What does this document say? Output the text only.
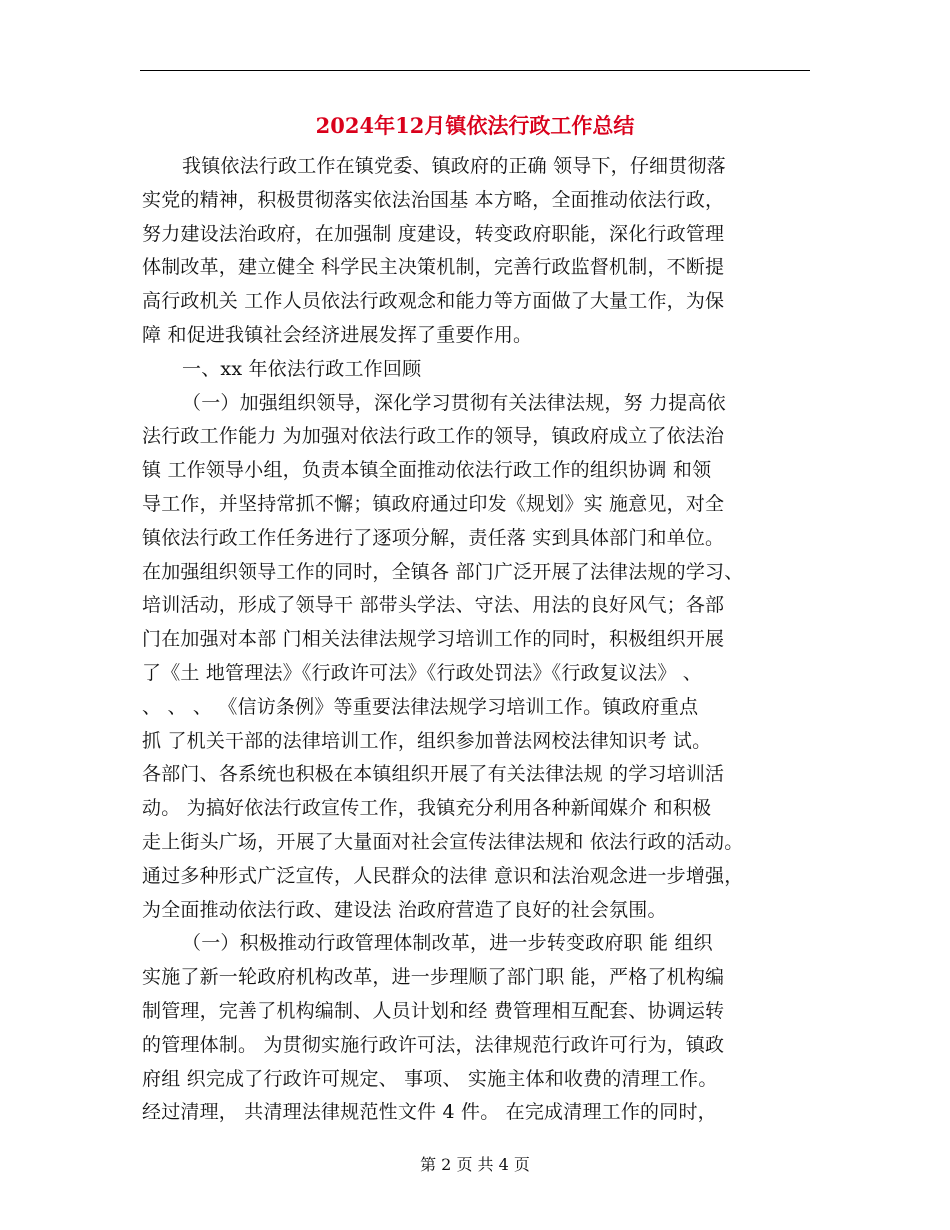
2024年12月镇依法行政工作总结
我镇依法行政工作在镇党委、镇政府的正确 领导下，仔细贯彻落
实党的精神，积极贯彻落实依法治国基 本方略，全面推动依法行政，
努力建设法治政府，在加强制 度建设，转变政府职能，深化行政管理
体制改革，建立健全 科学民主决策机制，完善行政监督机制，不断提
高行政机关 工作人员依法行政观念和能力等方面做了大量工作，为保
障 和促进我镇社会经济进展发挥了重要作用。
一、xx 年依法行政工作回顾
（一）加强组织领导，深化学习贯彻有关法律法规，努 力提高依
法行政工作能力 为加强对依法行政工作的领导，镇政府成立了依法治
镇 工作领导小组，负责本镇全面推动依法行政工作的组织协调 和领
导工作，并坚持常抓不懈；镇政府通过印发《规划》实 施意见，对全
镇依法行政工作任务进行了逐项分解，责任落 实到具体部门和单位。
在加强组织领导工作的同时，全镇各 部门广泛开展了法律法规的学习、
培训活动，形成了领导干 部带头学法、守法、用法的良好风气；各部
门在加强对本部 门相关法律法规学习培训工作的同时，积极组织开展
了《土 地管理法》《行政许可法》《行政处罚法》《行政复议法》 、
、 、 、 《信访条例》等重要法律法规学习培训工作。镇政府重点
抓 了机关干部的法律培训工作，组织参加普法网校法律知识考 试。
各部门、各系统也积极在本镇组织开展了有关法律法规 的学习培训活
动。 为搞好依法行政宣传工作，我镇充分利用各种新闻媒介 和积极
走上街头广场，开展了大量面对社会宣传法律法规和 依法行政的活动。
通过多种形式广泛宣传，人民群众的法律 意识和法治观念进一步增强，
为全面推动依法行政、建设法 治政府营造了良好的社会氛围。
（一）积极推动行政管理体制改革，进一步转变政府职 能 组织
实施了新一轮政府机构改革，进一步理顺了部门职 能，严格了机构编
制管理，完善了机构编制、人员计划和经 费管理相互配套、协调运转
的管理体制。 为贯彻实施行政许可法，法律规范行政许可行为，镇政
府组 织完成了行政许可规定、 事项、 实施主体和收费的清理工作。
经过清理， 共清理法律规范性文件 4 件。 在完成清理工作的同时，
第 2 页 共 4 页
